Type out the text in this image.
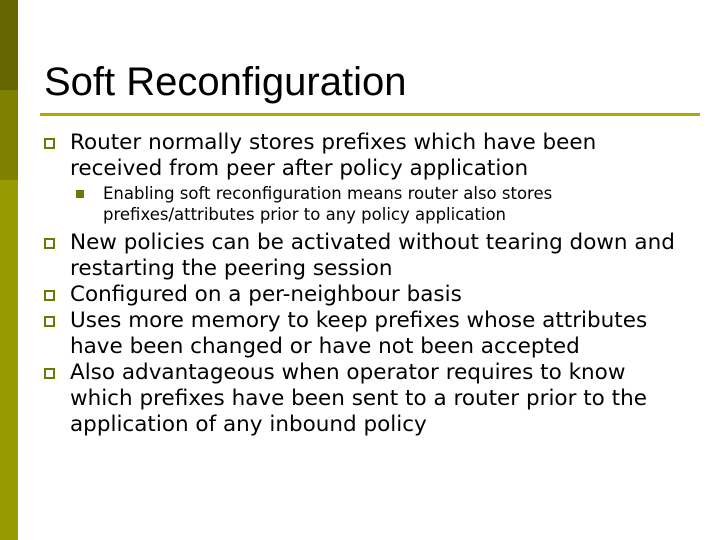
Soft Reconfiguration
Router normally stores prefixes which have been received from peer after policy application
Enabling soft reconfiguration means router also stores prefixes/attributes prior to any policy application
New policies can be activated without tearing down and restarting the peering session
Configured on a per-neighbour basis
Uses more memory to keep prefixes whose attributes have been changed or have not been accepted
Also advantageous when operator requires to know which prefixes have been sent to a router prior to the application of any inbound policy
